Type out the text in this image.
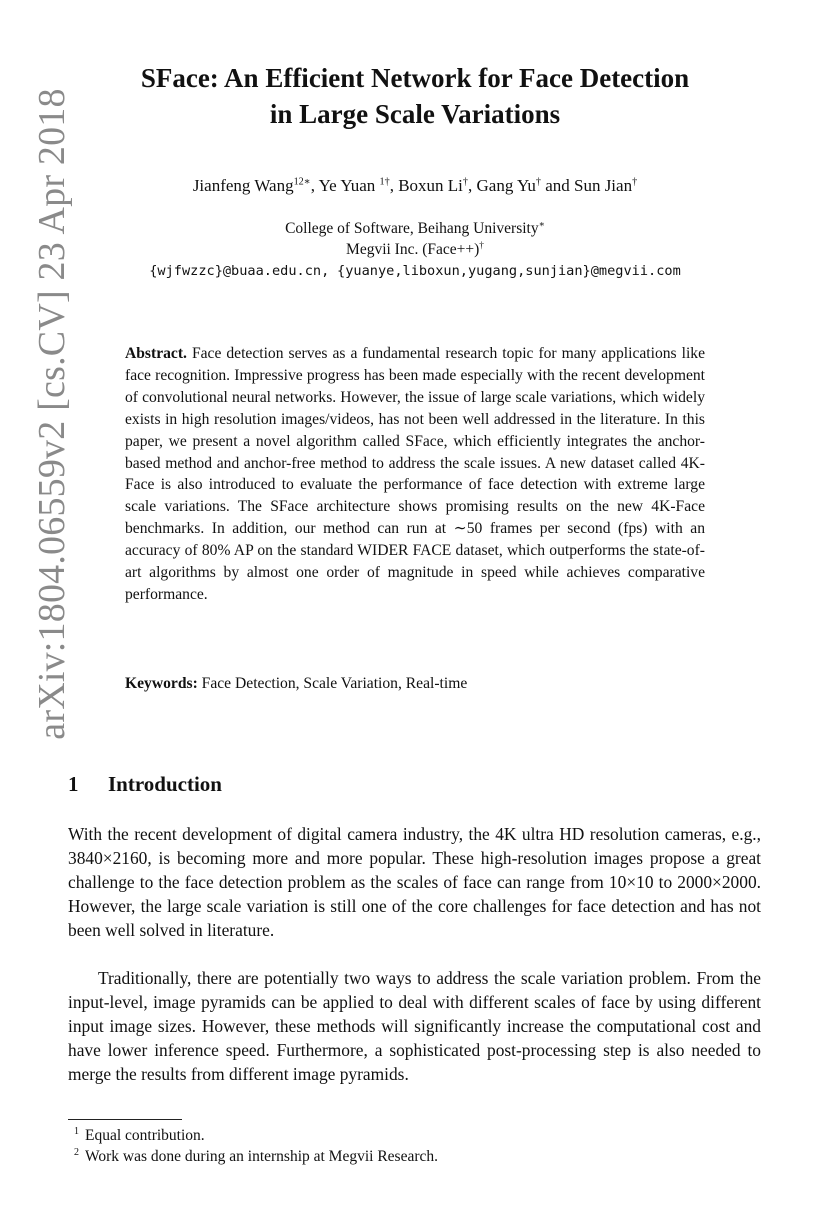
arXiv:1804.06559v2 [cs.CV] 23 Apr 2018
SFace: An Efficient Network for Face Detection
in Large Scale Variations
Jianfeng Wang$^{12∗}$, Ye Yuan $^{1\dagger}$, Boxun Li†, Gang Yu† and Sun Jian†
College of Software, Beihang University∗
Megvii Inc. (Face++)†
{wjfwzzc}@buaa.edu.cn, {yuanye,liboxun,yugang,sunjian}@megvii.com
Abstract. Face detection serves as a fundamental research topic for many applications like face recognition. Impressive progress has been made especially with the recent development of convolutional neural networks. However, the issue of large scale variations, which widely exists in high resolution images/videos, has not been well addressed in the literature. In this paper, we present a novel algorithm called SFace, which efficiently integrates the anchor-based method and anchor-free method to address the scale issues. A new dataset called 4K-Face is also introduced to evaluate the performance of face detection with extreme large scale variations. The SFace architecture shows promising results on the new 4K-Face benchmarks. In addition, our method can run at ∼50 frames per second (fps) with an accuracy of 80% AP on the standard WIDER FACE dataset, which outperforms the state-of-art algorithms by almost one order of magnitude in speed while achieves comparative performance.
Keywords: Face Detection, Scale Variation, Real-time
1 Introduction
With the recent development of digital camera industry, the 4K ultra HD resolution cameras, e.g., 3840×2160, is becoming more and more popular. These high-resolution images propose a great challenge to the face detection problem as the scales of face can range from 10×10 to 2000×2000. However, the large scale variation is still one of the core challenges for face detection and has not been well solved in literature.
Traditionally, there are potentially two ways to address the scale variation problem. From the input-level, image pyramids can be applied to deal with different scales of face by using different input image sizes. However, these methods will significantly increase the computational cost and have lower inference speed. Furthermore, a sophisticated post-processing step is also needed to merge the results from different image pyramids.
$^1$ Equal contribution.
$^2$ Work was done during an internship at Megvii Research.
